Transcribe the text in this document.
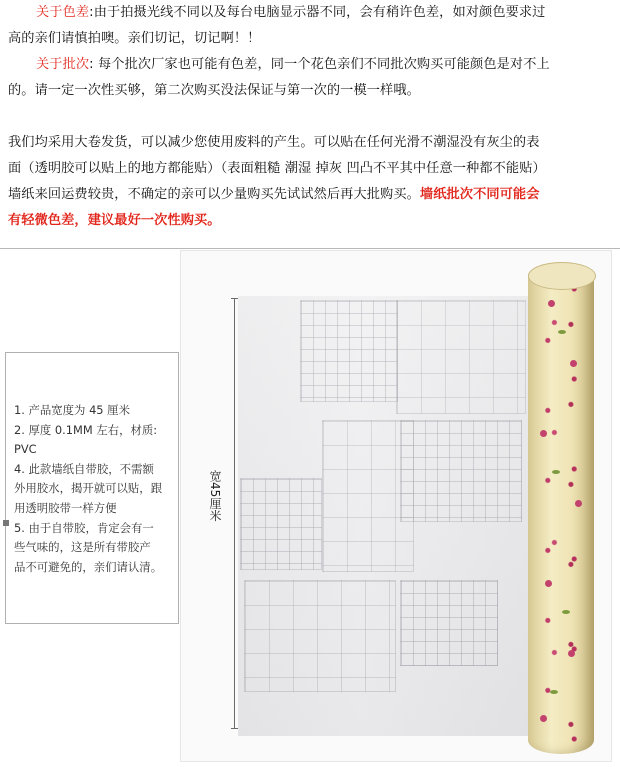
关于色差:由于拍摄光线不同以及每台电脑显示器不同，会有稍许色差，如对颜色要求过

高的亲们请慎拍噢。亲们切记，切记啊！！

关于批次: 每个批次厂家也可能有色差，同一个花色亲们不同批次购买可能颜色是对不上

的。请一定一次性买够，第二次购买没法保证与第一次的一模一样哦。

我们均采用大卷发货，可以减少您使用废料的产生。可以贴在任何光滑不潮湿没有灰尘的表

面（透明胶可以贴上的地方都能贴）（表面粗糙 潮湿 掉灰 凹凸不平其中任意一种都不能贴）

墙纸来回运费较贵，不确定的亲可以少量购买先试试然后再大批购买。墙纸批次不同可能会

有轻微色差，建议最好一次性购买。

宽45厘米

1. 产品宽度为 45 厘米

2. 厚度 0.1MM 左右，材质:

PVC

4. 此款墙纸自带胶，不需额

外用胶水，揭开就可以贴，跟

用透明胶带一样方便

5. 由于自带胶，肯定会有一

些气味的，这是所有带胶产

品不可避免的，亲们请认清。
